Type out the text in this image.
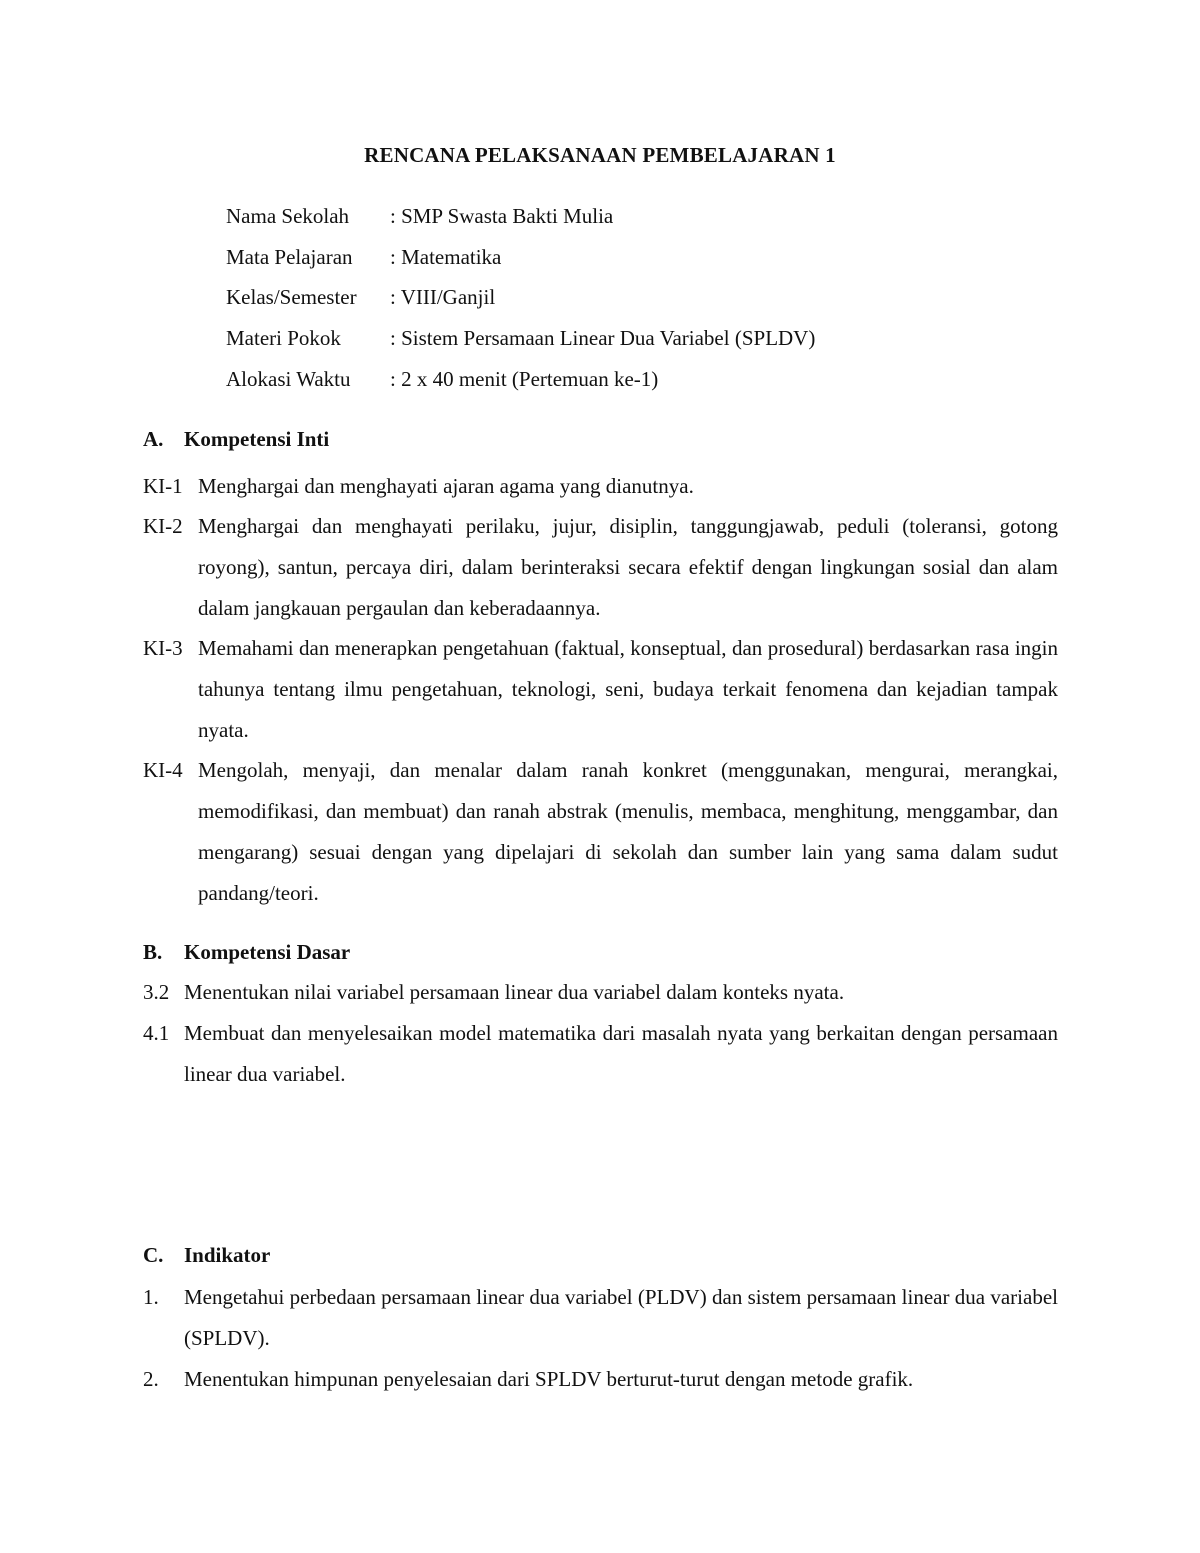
RENCANA PELAKSANAAN PEMBELAJARAN 1
Nama Sekolah : SMP Swasta Bakti Mulia
Mata Pelajaran : Matematika
Kelas/Semester : VIII/Ganjil
Materi Pokok : Sistem Persamaan Linear Dua Variabel (SPLDV)
Alokasi Waktu : 2 x 40 menit (Pertemuan ke-1)
A. Kompetensi Inti
KI-1 Menghargai dan menghayati ajaran agama yang dianutnya.
KI-2 Menghargai dan menghayati perilaku, jujur, disiplin, tanggungjawab, peduli (toleransi, gotong royong), santun, percaya diri, dalam berinteraksi secara efektif dengan lingkungan sosial dan alam dalam jangkauan pergaulan dan keberadaannya.
KI-3 Memahami dan menerapkan pengetahuan (faktual, konseptual, dan prosedural) berdasarkan rasa ingin tahunya tentang ilmu pengetahuan, teknologi, seni, budaya terkait fenomena dan kejadian tampak nyata.
KI-4 Mengolah, menyaji, dan menalar dalam ranah konkret (menggunakan, mengurai, merangkai, memodifikasi, dan membuat) dan ranah abstrak (menulis, membaca, menghitung, menggambar, dan mengarang) sesuai dengan yang dipelajari di sekolah dan sumber lain yang sama dalam sudut pandang/teori.
B. Kompetensi Dasar
3.2 Menentukan nilai variabel persamaan linear dua variabel dalam konteks nyata.
4.1 Membuat dan menyelesaikan model matematika dari masalah nyata yang berkaitan dengan persamaan linear dua variabel.
C. Indikator
1. Mengetahui perbedaan persamaan linear dua variabel (PLDV) dan sistem persamaan linear dua variabel (SPLDV).
2. Menentukan himpunan penyelesaian dari SPLDV berturut-turut dengan metode grafik.
